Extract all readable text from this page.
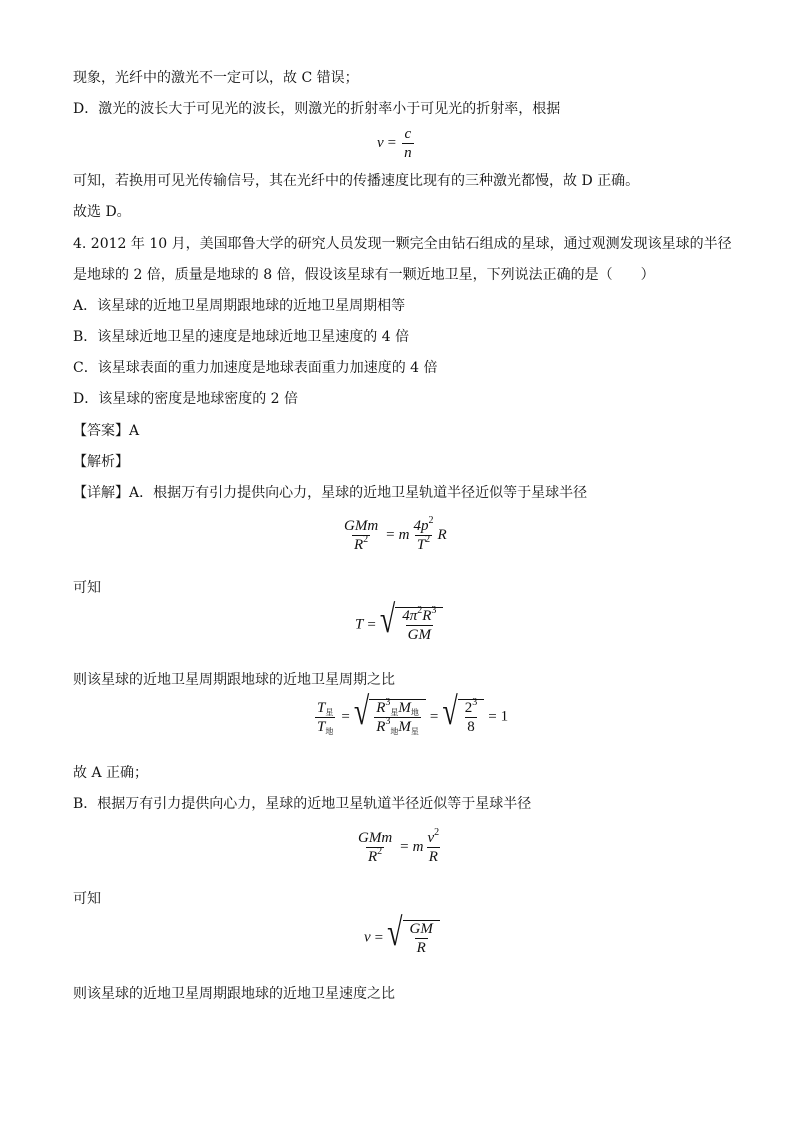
现象，光纤中的激光不一定可以，故 C 错误；
D．激光的波长大于可见光的波长，则激光的折射率小于可见光的折射率，根据
$v = \frac{c}{n}$
可知，若换用可见光传输信号，其在光纤中的传播速度比现有的三种激光都慢，故 D 正确。
故选 D。
4. 2012 年 10 月，美国耶鲁大学的研究人员发现一颗完全由钻石组成的星球，通过观测发现该星球的半径
是地球的 2 倍，质量是地球的 8 倍，假设该星球有一颗近地卫星，下列说法正确的是（　　）
A．该星球的近地卫星周期跟地球的近地卫星周期相等
B．该星球近地卫星的速度是地球近地卫星速度的 4 倍
C．该星球表面的重力加速度是地球表面重力加速度的 4 倍
D．该星球的密度是地球密度的 2 倍
【答案】A
【解析】
【详解】A．根据万有引力提供向心力，星球的近地卫星轨道半径近似等于星球半径
$\frac{\text{GMm}}{R^2} = m \frac{4p^2}{T^2}$ R
可知
T = √ $\frac{4\pi^2R^3}{GM}$
则该星球的近地卫星周期跟地球的近地卫星周期之比
$\frac{T_星}{T_地}$ = √ $\frac{R^3_星M_地}{R^3_地M_星}$ = √ $\frac{2^3}{8} = 1$
故 A 正确；
B．根据万有引力提供向心力，星球的近地卫星轨道半径近似等于星球半径
$\frac{\text{GMm}}{R^2} = m \frac{v^2}{R}$
可知
v = √ $\frac{GM}{R}$
则该星球的近地卫星周期跟地球的近地卫星速度之比
